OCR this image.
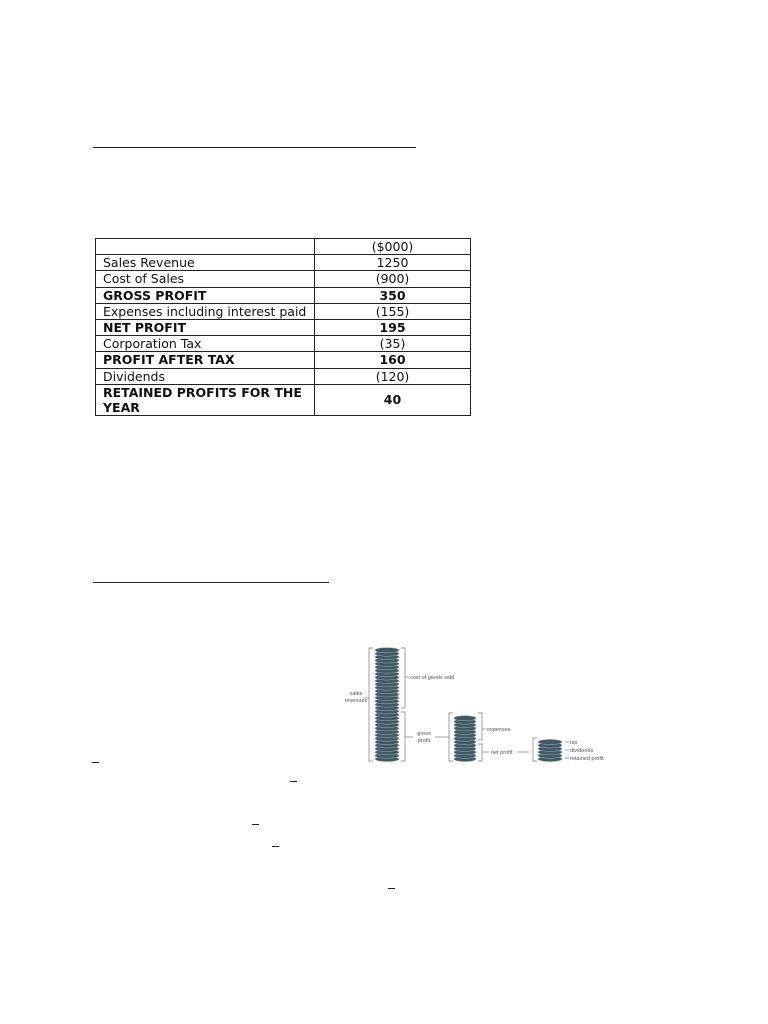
	($000)
Sales Revenue	1250
Cost of Sales	(900)
GROSS PROFIT	350
Expenses including interest paid	(155)
NET PROFIT	195
Corporation Tax	(35)
PROFIT AFTER TAX	160
Dividends	(120)
RETAINED PROFITS FOR THE YEAR	40
sales
revenues
cost of goods sold
gross
profit
expenses
net profit
tax
dividends
retained profit
